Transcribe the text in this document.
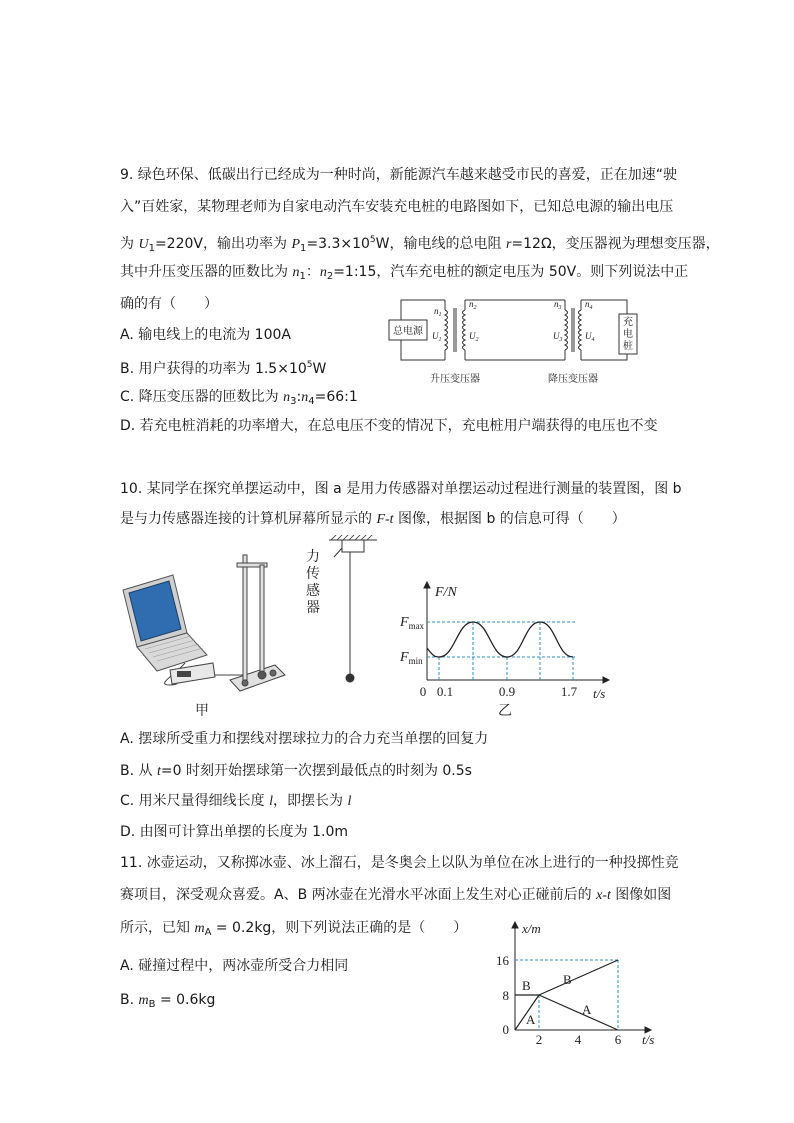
9. 绿色环保、低碳出行已经成为一种时尚，新能源汽车越来越受市民的喜爱，正在加速“驶
入”百姓家，某物理老师为自家电动汽车安装充电桩的电路图如下，已知总电源的输出电压
为 $U_1=220V$，输出功率为 $P_1=3.3\times 10^5W$，输电线的总电阻 r=12Ω，变压器视为理想变压器，
其中升压变压器的匝数比为 $n_1$：$n_2=1:15$，汽车充电桩的额定电压为 50V。则下列说法中正
确的有（　　）
A. 输电线上的电流为 100A
B. 用户获得的功率为 $1.5\times 10^5W$
C. 降压变压器的匝数比为 $n_3:n_4=66:1$
D. 若充电桩消耗的功率增大，在总电压不变的情况下，充电桩用户端获得的电压也不变
总电源
充
电
桩
升压变压器	降压变压器
$n_1$
$n_2$	$n_3$	$n_4$
$U_1$	$U_2$	$U_3$	$U_4$
10. 某同学在探究单摆运动中，图 a 是用力传感器对单摆运动过程进行测量的装置图，图 b
是与力传感器连接的计算机屏幕所显示的 F-t 图像，根据图 b 的信息可得（　　）
力
传
感
器
甲
F/N
$F_{max}$
$F_{min}$
0 0.1	0.9	1.7 t/s
乙
A. 摆球所受重力和摆线对摆球拉力的合力充当单摆的回复力
B. 从 t=0 时刻开始摆球第一次摆到最低点的时刻为 0.5s
C. 用米尺量得细线长度 l，即摆长为 l
D. 由图可计算出单摆的长度为 1.0m
11. 冰壶运动，又称掷冰壶、冰上溜石，是冬奥会上以队为单位在冰上进行的一种投掷性竞
赛项目，深受观众喜爱。A、B 两冰壶在光滑水平冰面上发生对心正碰前后的 x-t 图像如图
所示，已知 $m_A = 0.2kg$，则下列说法正确的是（　　）
A. 碰撞过程中，两冰壶所受合力相同
B. $m_B = 0.6kg$
x/m
16
8
0
2	4	6 t/s
B
A
B
A
